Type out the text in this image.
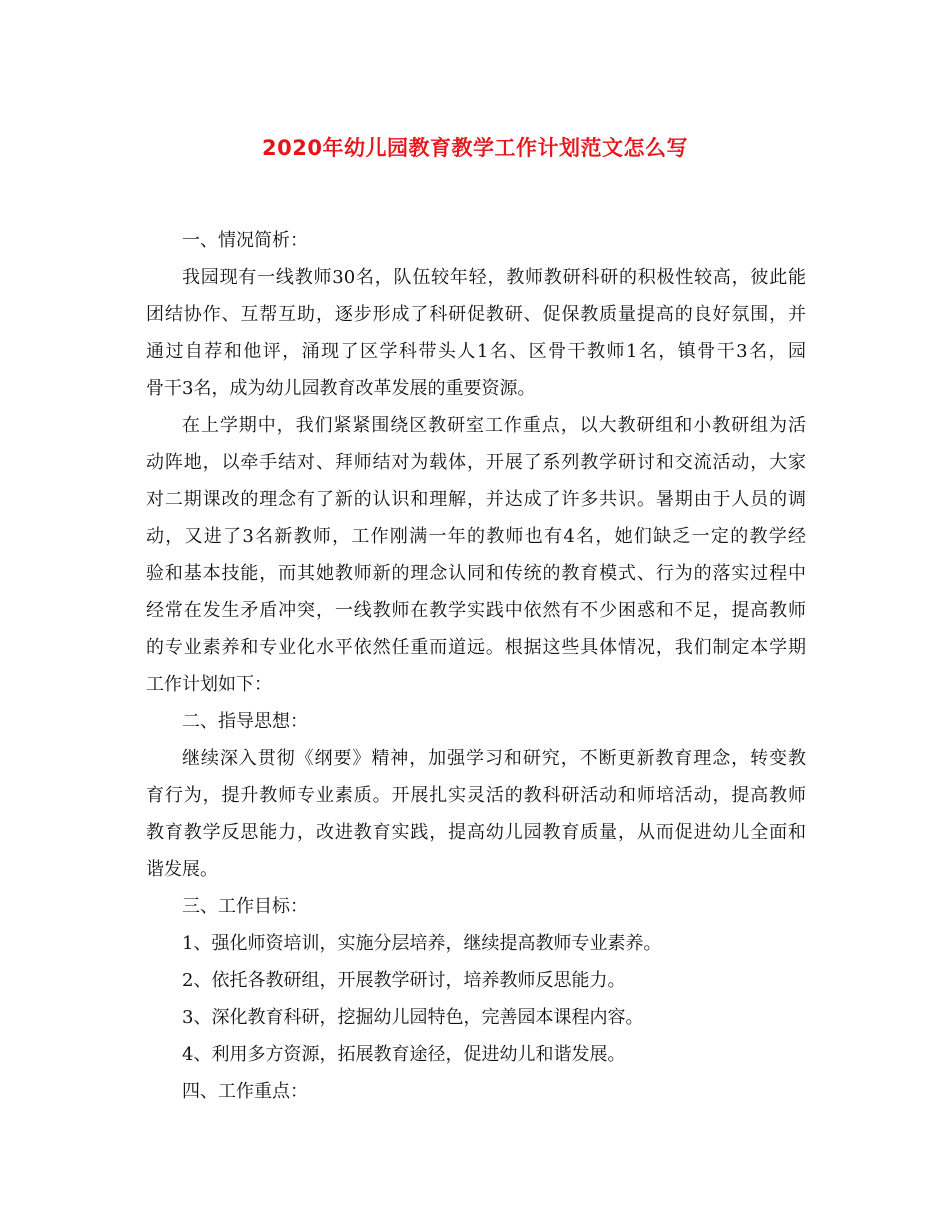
2020年幼儿园教育教学工作计划范文怎么写
一、情况简析：
我园现有一线教师30名，队伍较年轻，教师教研科研的积极性较高，彼此能
团结协作、互帮互助，逐步形成了科研促教研、促保教质量提高的良好氛围，并
通过自荐和他评，涌现了区学科带头人1名、区骨干教师1名，镇骨干3名，园
骨干3名，成为幼儿园教育改革发展的重要资源。
在上学期中，我们紧紧围绕区教研室工作重点，以大教研组和小教研组为活
动阵地，以牵手结对、拜师结对为载体，开展了系列教学研讨和交流活动，大家
对二期课改的理念有了新的认识和理解，并达成了许多共识。暑期由于人员的调
动，又进了3名新教师，工作刚满一年的教师也有4名，她们缺乏一定的教学经
验和基本技能，而其她教师新的理念认同和传统的教育模式、行为的落实过程中
经常在发生矛盾冲突，一线教师在教学实践中依然有不少困惑和不足，提高教师
的专业素养和专业化水平依然任重而道远。根据这些具体情况，我们制定本学期
工作计划如下：
二、指导思想：
继续深入贯彻《纲要》精神，加强学习和研究，不断更新教育理念，转变教
育行为，提升教师专业素质。开展扎实灵活的教科研活动和师培活动，提高教师
教育教学反思能力，改进教育实践，提高幼儿园教育质量，从而促进幼儿全面和
谐发展。
三、工作目标：
1、强化师资培训，实施分层培养，继续提高教师专业素养。
2、依托各教研组，开展教学研讨，培养教师反思能力。
3、深化教育科研，挖掘幼儿园特色，完善园本课程内容。
4、利用多方资源，拓展教育途径，促进幼儿和谐发展。
四、工作重点：
